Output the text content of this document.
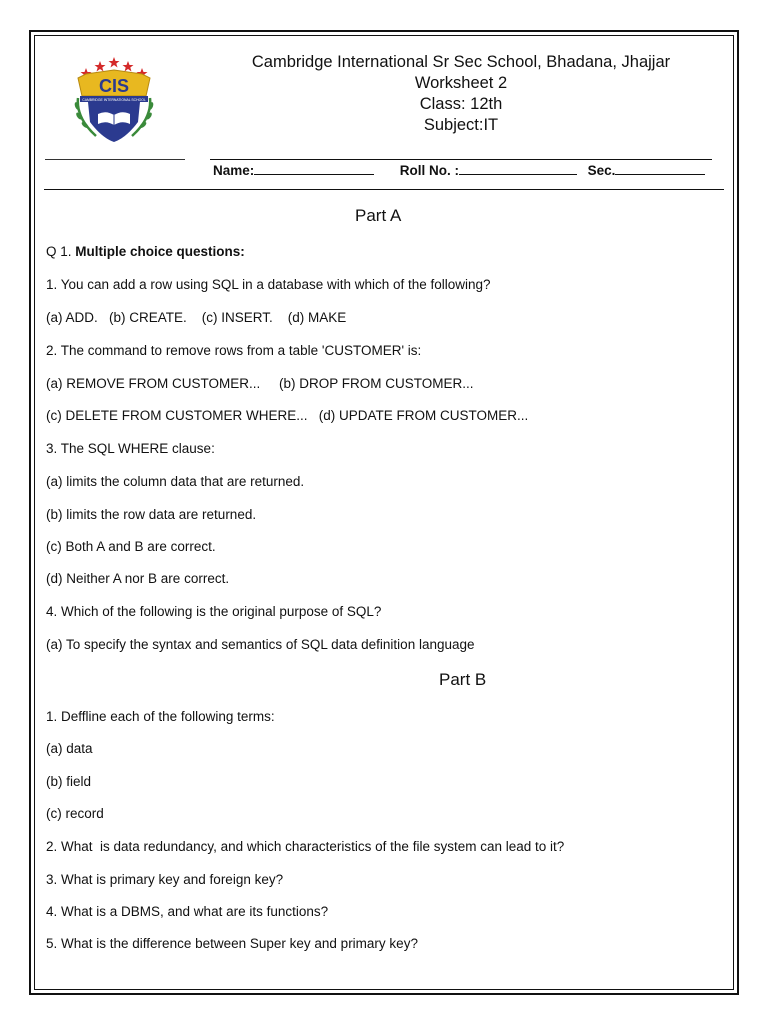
CIS
CAMBRIDGE INTERNATIONAL SCHOOL
Cambridge International Sr Sec School, Bhadana, Jhajjar
Worksheet 2
Class: 12th
Subject:IT
Name:	Roll No. :	Sec.
Part A
Q 1. Multiple choice questions:
1. You can add a row using SQL in a database with which of the following?
(a) ADD.   (b) CREATE.    (c) INSERT.    (d) MAKE
2. The command to remove rows from a table 'CUSTOMER' is:
(a) REMOVE FROM CUSTOMER...     (b) DROP FROM CUSTOMER...
(c) DELETE FROM CUSTOMER WHERE...   (d) UPDATE FROM CUSTOMER...
3. The SQL WHERE clause:
(a) limits the column data that are returned.
(b) limits the row data are returned.
(c) Both A and B are correct.
(d) Neither A nor B are correct.
4. Which of the following is the original purpose of SQL?
(a) To specify the syntax and semantics of SQL data definition language
Part B
1. Deffline each of the following terms:
(a) data
(b) field
(c) record
2. What  is data redundancy, and which characteristics of the file system can lead to it?
3. What is primary key and foreign key?
4. What is a DBMS, and what are its functions?
5. What is the difference between Super key and primary key?
